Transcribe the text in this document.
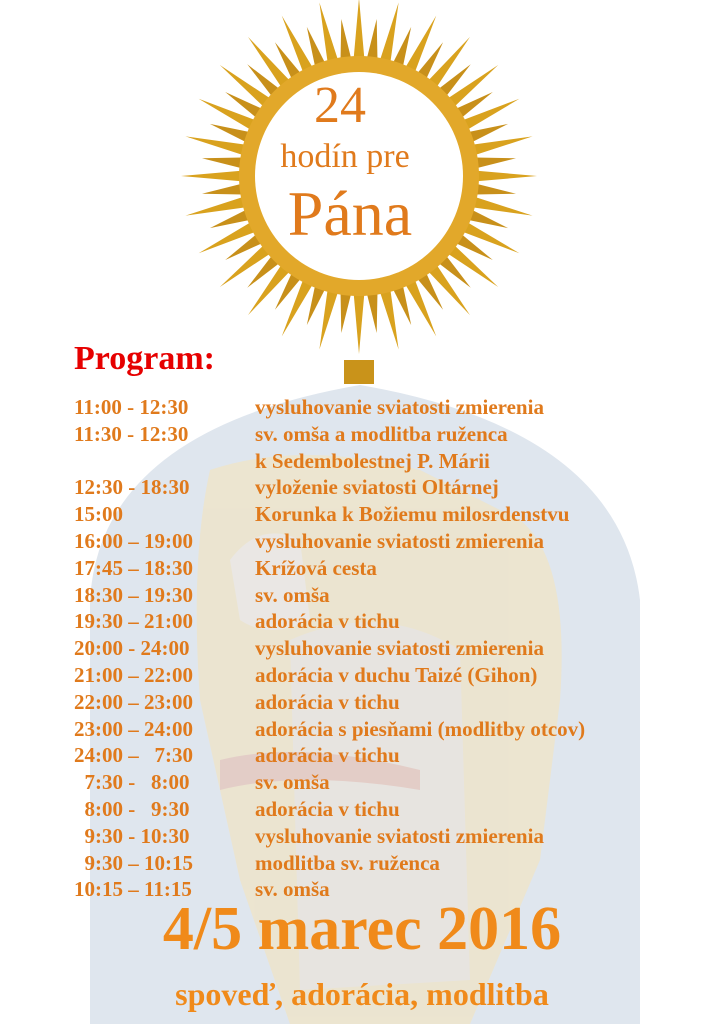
24
hodín pre
Pána
Program:
11:00 - 12:30	vysluhovanie sviatosti zmierenia
11:30 - 12:30	sv. omša a modlitba ruženca
k Sedembolestnej P. Márii
12:30 - 18:30	vyloženie sviatosti Oltárnej
15:00	Korunka k Božiemu milosrdenstvu
16:00 – 19:00	vysluhovanie sviatosti zmierenia
17:45 – 18:30	Krížová cesta
18:30 – 19:30	sv. omša
19:30 – 21:00	adorácia v tichu
20:00 - 24:00	vysluhovanie sviatosti zmierenia
21:00 – 22:00	adorácia v duchu Taizé (Gihon)
22:00 – 23:00	adorácia v tichu
23:00 – 24:00	adorácia s piesňami (modlitby otcov)
24:00 –   7:30	adorácia v tichu
7:30 -   8:00	sv. omša
8:00 -   9:30	adorácia v tichu
9:30 - 10:30	vysluhovanie sviatosti zmierenia
9:30 – 10:15	modlitba sv. ruženca
10:15 – 11:15	sv. omša
4/5 marec 2016
spoveď, adorácia, modlitba
